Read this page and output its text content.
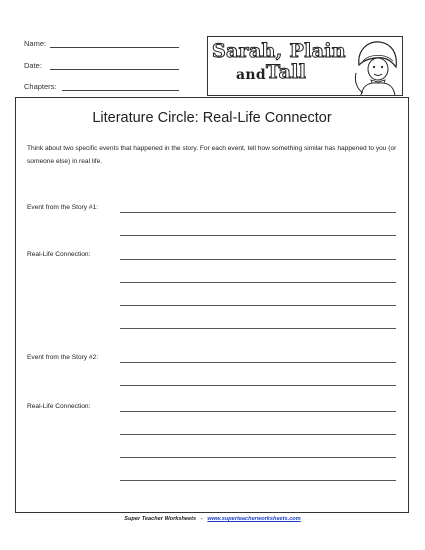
Name:
Date:
Chapters:
Sarah, Plain
and Tall
Literature Circle: Real-Life Connector
Think about two specific events that happened in the story. For each event, tell how something similar has happened to you (or someone else) in real life.
Event from the Story #1:
Real-Life Connection:
Event from the Story #2:
Real-Life Connection:
Super Teacher Worksheets - www.superteacherworksheets.com
